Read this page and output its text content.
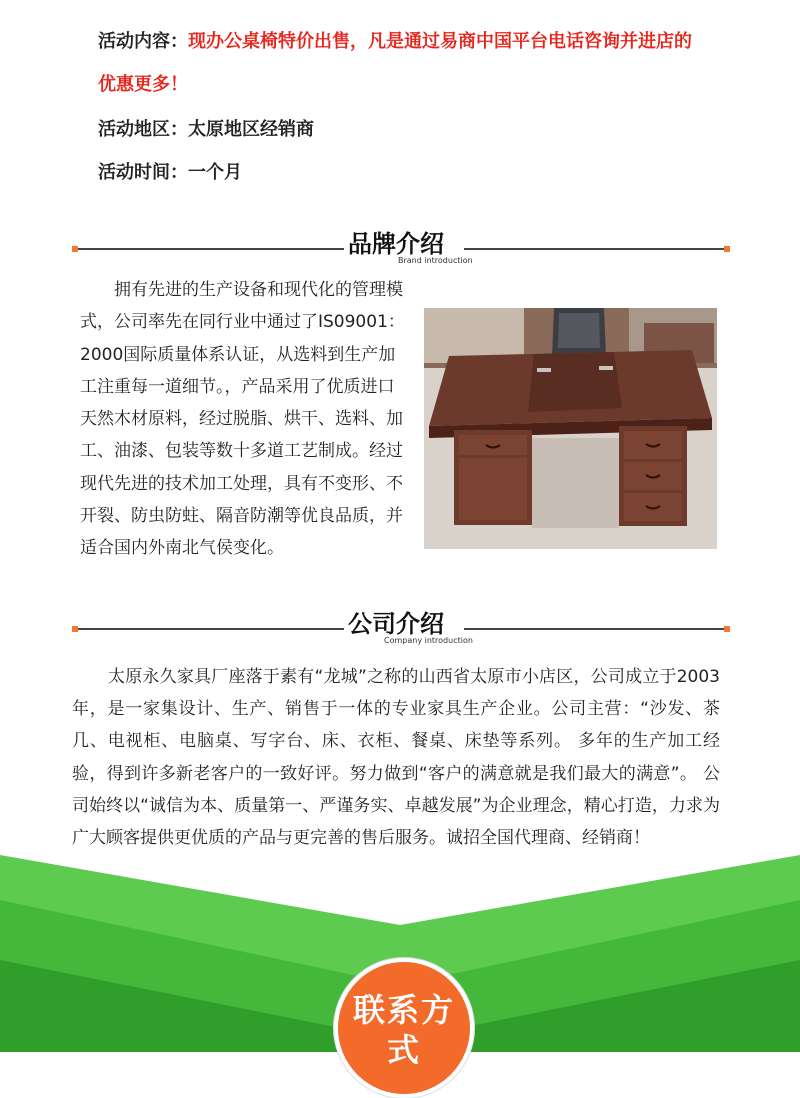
活动内容：现办公桌椅特价出售，凡是通过易商中国平台电话咨询并进店的
优惠更多！
活动地区：太原地区经销商
活动时间：一个月
品牌介绍
Brand introduction

拥有先进的生产设备和现代化的管理模式，公司率先在同行业中通过了IS09001：2000国际质量体系认证，从选料到生产加工注重每一道细节。，产品采用了优质进口天然木材原料，经过脱脂、烘干、选料、加工、油漆、包装等数十多道工艺制成。经过现代先进的技术加工处理，具有不变形、不开裂、防虫防蛀、隔音防潮等优良品质，并适合国内外南北气侯变化。

公司介绍
Company introduction

太原永久家具厂座落于素有“龙城”之称的山西省太原市小店区，公司成立于2003年，是一家集设计、生产、销售于一体的专业家具生产企业。公司主营：“沙发、茶几、电视柜、电脑桌、写字台、床、衣柜、餐桌、床垫等系列。 多年的生产加工经验，得到许多新老客户的一致好评。努力做到“客户的满意就是我们最大的满意”。 公司始终以“诚信为本、质量第一、严谨务实、卓越发展”为企业理念，精心打造，力求为广大顾客提供更优质的产品与更完善的售后服务。诚招全国代理商、经销商！

联系方式
